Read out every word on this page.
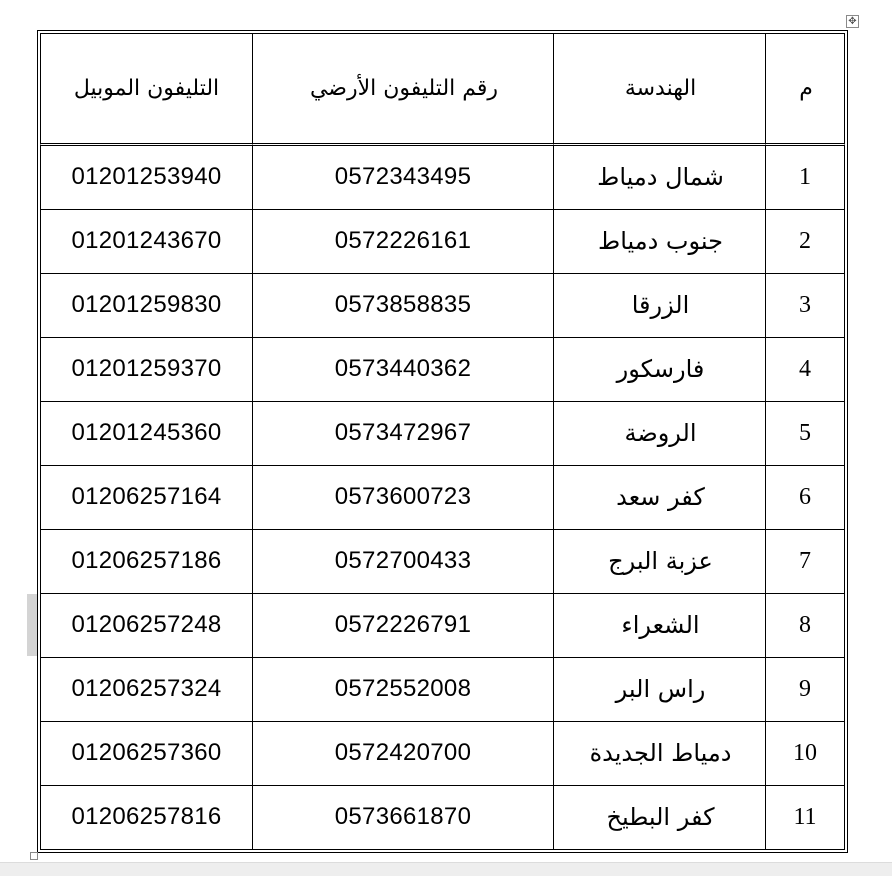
✥
التليفون الموبيل	رقم التليفون الأرضي	الهندسة	م
01201253940	0572343495	شمال دمياط	1
01201243670	0572226161	جنوب دمياط	2
01201259830	0573858835	الزرقا	3
01201259370	0573440362	فارسكور	4
01201245360	0573472967	الروضة	5
01206257164	0573600723	كفر سعد	6
01206257186	0572700433	عزبة البرج	7
01206257248	0572226791	الشعراء	8
01206257324	0572552008	راس البر	9
01206257360	0572420700	دمياط الجديدة	10
01206257816	0573661870	كفر البطيخ	11
